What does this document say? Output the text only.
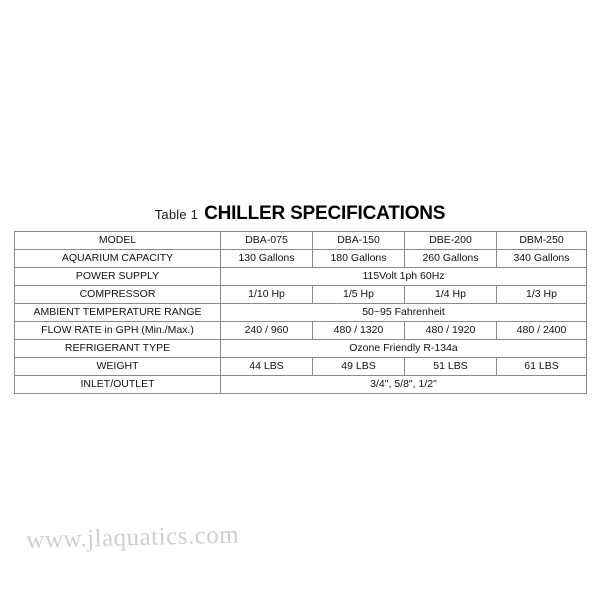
Table 1 CHILLER SPECIFICATIONS
MODEL	DBA-075	DBA-150	DBE-200	DBM-250
AQUARIUM CAPACITY	130 Gallons	180 Gallons	260 Gallons	340 Gallons
POWER SUPPLY	115Volt 1ph 60Hz			
COMPRESSOR	1/10 Hp	1/5 Hp	1/4 Hp	1/3 Hp
AMBIENT TEMPERATURE RANGE	50~95 Fahrenheit			
FLOW RATE in GPH (Min./Max.)	240 / 960	480 / 1320	480 / 1920	480 / 2400
REFRIGERANT TYPE	Ozone Friendly R-134a			
WEIGHT	44 LBS	49 LBS	51 LBS	61 LBS
INLET/OUTLET	3/4", 5/8", 1/2"			
www.jlaquatics.com
